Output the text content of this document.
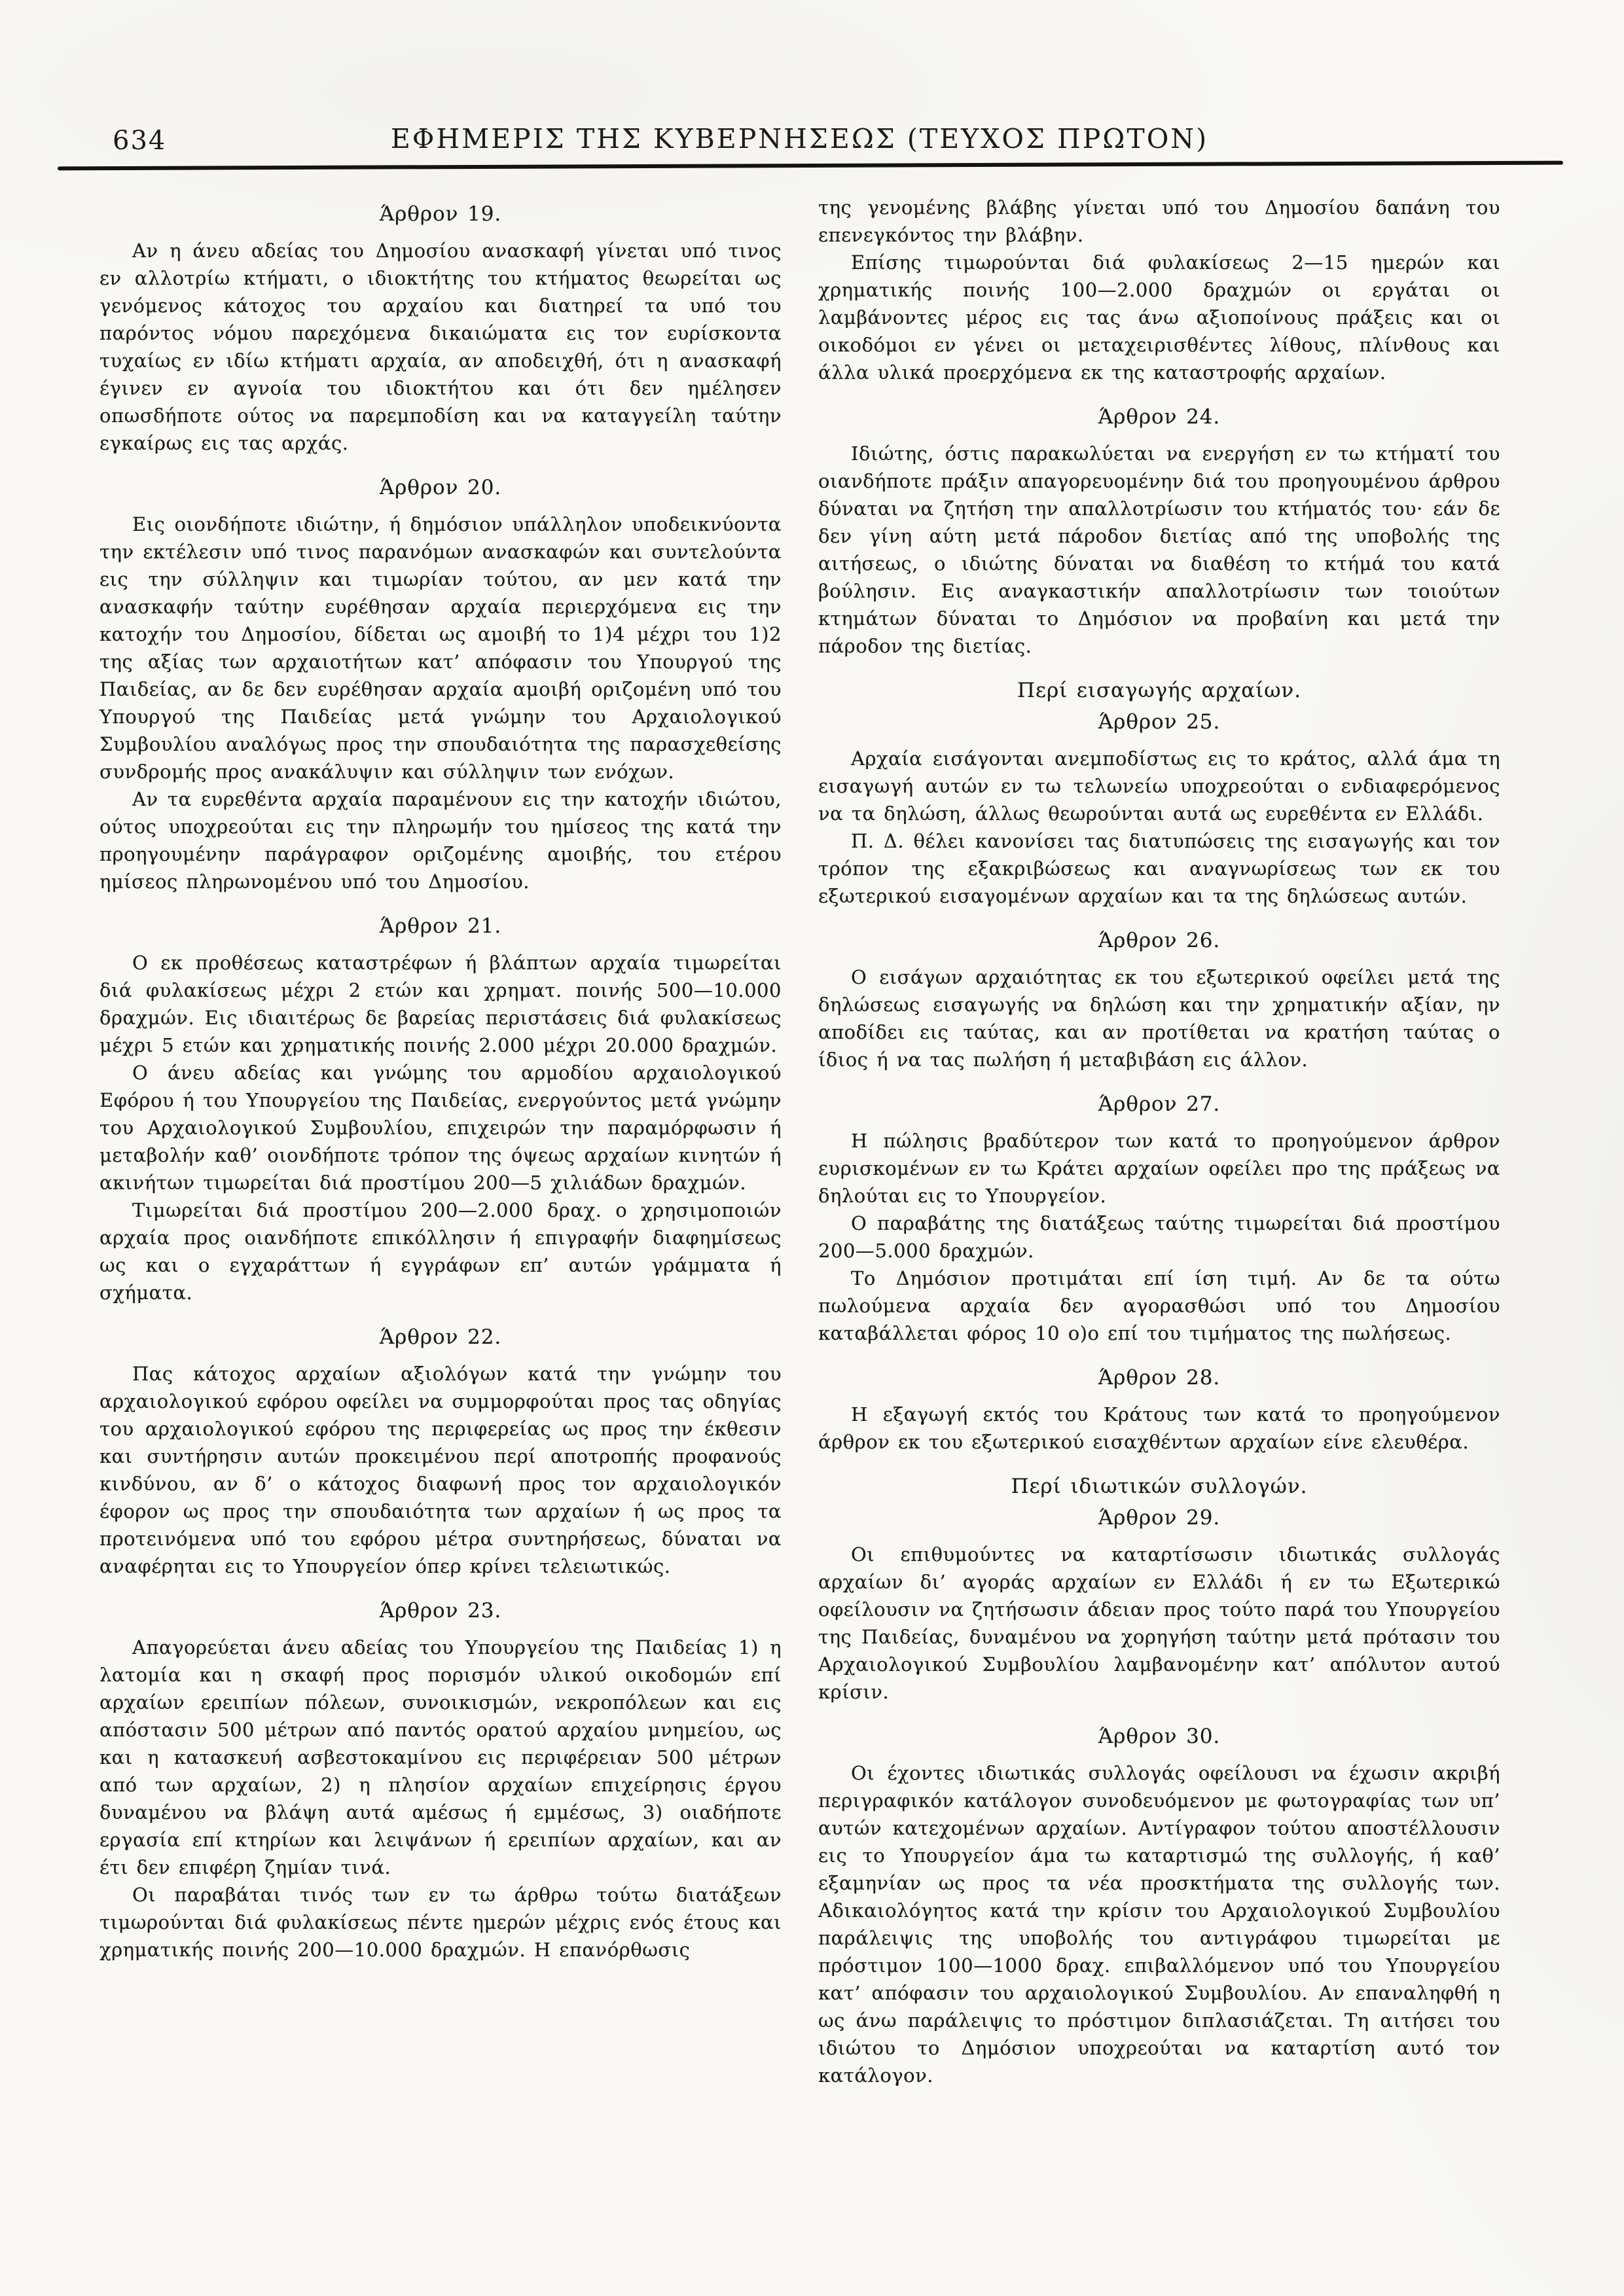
634	ΕΦΗΜΕΡΙΣ ΤΗΣ ΚΥΒΕΡΝΗΣΕΩΣ (ΤΕΥΧΟΣ ΠΡΩΤΟΝ)

Άρθρον 19.

Αν η άνευ αδείας του Δημοσίου ανασκαφή γίνεται υπό τινος εν αλλοτρίω κτήματι, ο ιδιοκτήτης του κτήματος θεωρείται ως γενόμενος κάτοχος του αρχαίου και διατηρεί τα υπό του παρόντος νόμου παρεχόμενα δικαιώματα εις τον ευρίσκοντα τυχαίως εν ιδίω κτήματι αρχαία, αν αποδειχθή, ότι η ανασκαφή έγινεν εν αγνοία του ιδιοκτήτου και ότι δεν ημέλησεν οπωσδήποτε ούτος να παρεμποδίση και να καταγγείλη ταύτην εγκαίρως εις τας αρχάς.

Άρθρον 20.

Εις οιονδήποτε ιδιώτην, ή δημόσιον υπάλληλον υποδεικνύοντα την εκτέλεσιν υπό τινος παρανόμων ανασκαφών και συντελούντα εις την σύλληψιν και τιμωρίαν τούτου, αν μεν κατά την ανασκαφήν ταύτην ευρέθησαν αρχαία περιερχόμενα εις την κατοχήν του Δημοσίου, δίδεται ως αμοιβή το 1)4 μέχρι του 1)2 της αξίας των αρχαιοτήτων κατ’ απόφασιν του Υπουργού της Παιδείας, αν δε δεν ευρέθησαν αρχαία αμοιβή οριζομένη υπό του Υπουργού της Παιδείας μετά γνώμην του Αρχαιολογικού Συμβουλίου αναλόγως προς την σπουδαιότητα της παρασχεθείσης συνδρομής προς ανακάλυψιν και σύλληψιν των ενόχων.

Αν τα ευρεθέντα αρχαία παραμένουν εις την κατοχήν ιδιώτου, ούτος υποχρεούται εις την πληρωμήν του ημίσεος της κατά την προηγουμένην παράγραφον οριζομένης αμοιβής, του ετέρου ημίσεος πληρωνομένου υπό του Δημοσίου.

Άρθρον 21.

Ο εκ προθέσεως καταστρέφων ή βλάπτων αρχαία τιμωρείται διά φυλακίσεως μέχρι 2 ετών και χρηματ. ποινής 500—10.000 δραχμών. Εις ιδιαιτέρως δε βαρείας περιστάσεις διά φυλακίσεως μέχρι 5 ετών και χρηματικής ποινής 2.000 μέχρι 20.000 δραχμών.

Ο άνευ αδείας και γνώμης του αρμοδίου αρχαιολογικού Εφόρου ή του Υπουργείου της Παιδείας, ενεργούντος μετά γνώμην του Αρχαιολογικού Συμβουλίου, επιχειρών την παραμόρφωσιν ή μεταβολήν καθ’ οιονδήποτε τρόπον της όψεως αρχαίων κινητών ή ακινήτων τιμωρείται διά προστίμου 200—5 χιλιάδων δραχμών.

Τιμωρείται διά προστίμου 200—2.000 δραχ. ο χρησιμοποιών αρχαία προς οιανδήποτε επικόλλησιν ή επιγραφήν διαφημίσεως ως και ο εγχαράττων ή εγγράφων επ’ αυτών γράμματα ή σχήματα.

Άρθρον 22.

Πας κάτοχος αρχαίων αξιολόγων κατά την γνώμην του αρχαιολογικού εφόρου οφείλει να συμμορφούται προς τας οδηγίας του αρχαιολογικού εφόρου της περιφερείας ως προς την έκθεσιν και συντήρησιν αυτών προκειμένου περί αποτροπής προφανούς κινδύνου, αν δ’ ο κάτοχος διαφωνή προς τον αρχαιολογικόν έφορον ως προς την σπουδαιότητα των αρχαίων ή ως προς τα προτεινόμενα υπό του εφόρου μέτρα συντηρήσεως, δύναται να αναφέρηται εις το Υπουργείον όπερ κρίνει τελειωτικώς.

Άρθρον 23.

Απαγορεύεται άνευ αδείας του Υπουργείου της Παιδείας 1) η λατομία και η σκαφή προς πορισμόν υλικού οικοδομών επί αρχαίων ερειπίων πόλεων, συνοικισμών, νεκροπόλεων και εις απόστασιν 500 μέτρων από παντός ορατού αρχαίου μνημείου, ως και η κατασκευή ασβεστοκαμίνου εις περιφέρειαν 500 μέτρων από των αρχαίων, 2) η πλησίον αρχαίων επιχείρησις έργου δυναμένου να βλάψη αυτά αμέσως ή εμμέσως, 3) οιαδήποτε εργασία επί κτηρίων και λειψάνων ή ερειπίων αρχαίων, και αν έτι δεν επιφέρη ζημίαν τινά.

Οι παραβάται τινός των εν τω άρθρω τούτω διατάξεων τιμωρούνται διά φυλακίσεως πέντε ημερών μέχρις ενός έτους και χρηματικής ποινής 200—10.000 δραχμών. Η επανόρθωσις

της γενομένης βλάβης γίνεται υπό του Δημοσίου δαπάνη του επενεγκόντος την βλάβην.

Επίσης τιμωρούνται διά φυλακίσεως 2—15 ημερών και χρηματικής ποινής 100—2.000 δραχμών οι εργάται οι λαμβάνοντες μέρος εις τας άνω αξιοποίνους πράξεις και οι οικοδόμοι εν γένει οι μεταχειρισθέντες λίθους, πλίνθους και άλλα υλικά προερχόμενα εκ της καταστροφής αρχαίων.

Άρθρον 24.

Ιδιώτης, όστις παρακωλύεται να ενεργήση εν τω κτήματί του οιανδήποτε πράξιν απαγορευομένην διά του προηγουμένου άρθρου δύναται να ζητήση την απαλλοτρίωσιν του κτήματός του· εάν δε δεν γίνη αύτη μετά πάροδον διετίας από της υποβολής της αιτήσεως, ο ιδιώτης δύναται να διαθέση το κτήμά του κατά βούλησιν. Εις αναγκαστικήν απαλλοτρίωσιν των τοιούτων κτημάτων δύναται το Δημόσιον να προβαίνη και μετά την πάροδον της διετίας.

Περί εισαγωγής αρχαίων.

Άρθρον 25.

Αρχαία εισάγονται ανεμποδίστως εις το κράτος, αλλά άμα τη εισαγωγή αυτών εν τω τελωνείω υποχρεούται ο ενδιαφερόμενος να τα δηλώση, άλλως θεωρούνται αυτά ως ευρεθέντα εν Ελλάδι.

Π. Δ. θέλει κανονίσει τας διατυπώσεις της εισαγωγής και τον τρόπον της εξακριβώσεως και αναγνωρίσεως των εκ του εξωτερικού εισαγομένων αρχαίων και τα της δηλώσεως αυτών.

Άρθρον 26.

Ο εισάγων αρχαιότητας εκ του εξωτερικού οφείλει μετά της δηλώσεως εισαγωγής να δηλώση και την χρηματικήν αξίαν, ην αποδίδει εις ταύτας, και αν προτίθεται να κρατήση ταύτας ο ίδιος ή να τας πωλήση ή μεταβιβάση εις άλλον.

Άρθρον 27.

Η πώλησις βραδύτερον των κατά το προηγούμενον άρθρον ευρισκομένων εν τω Κράτει αρχαίων οφείλει προ της πράξεως να δηλούται εις το Υπουργείον.

Ο παραβάτης της διατάξεως ταύτης τιμωρείται διά προστίμου 200—5.000 δραχμών.

Το Δημόσιον προτιμάται επί ίση τιμή. Αν δε τα ούτω πωλούμενα αρχαία δεν αγορασθώσι υπό του Δημοσίου καταβάλλεται φόρος 10 ο)ο επί του τιμήματος της πωλήσεως.

Άρθρον 28.

Η εξαγωγή εκτός του Κράτους των κατά το προηγούμενον άρθρον εκ του εξωτερικού εισαχθέντων αρχαίων είνε ελευθέρα.

Περί ιδιωτικών συλλογών.

Άρθρον 29.

Οι επιθυμούντες να καταρτίσωσιν ιδιωτικάς συλλογάς αρχαίων δι’ αγοράς αρχαίων εν Ελλάδι ή εν τω Εξωτερικώ οφείλουσιν να ζητήσωσιν άδειαν προς τούτο παρά του Υπουργείου της Παιδείας, δυναμένου να χορηγήση ταύτην μετά πρότασιν του Αρχαιολογικού Συμβουλίου λαμβανομένην κατ’ απόλυτον αυτού κρίσιν.

Άρθρον 30.

Οι έχοντες ιδιωτικάς συλλογάς οφείλουσι να έχωσιν ακριβή περιγραφικόν κατάλογον συνοδευόμενον με φωτογραφίας των υπ’ αυτών κατεχομένων αρχαίων. Αντίγραφον τούτου αποστέλλουσιν εις το Υπουργείον άμα τω καταρτισμώ της συλλογής, ή καθ’ εξαμηνίαν ως προς τα νέα προσκτήματα της συλλογής των. Αδικαιολόγητος κατά την κρίσιν του Αρχαιολογικού Συμβουλίου παράλειψις της υποβολής του αντιγράφου τιμωρείται με πρόστιμον 100—1000 δραχ. επιβαλλόμενον υπό του Υπουργείου κατ’ απόφασιν του αρχαιολογικού Συμβουλίου. Αν επαναληφθή η ως άνω παράλειψις το πρόστιμον διπλασιάζεται. Τη αιτήσει του ιδιώτου το Δημόσιον υποχρεούται να καταρτίση αυτό τον κατάλογον.
